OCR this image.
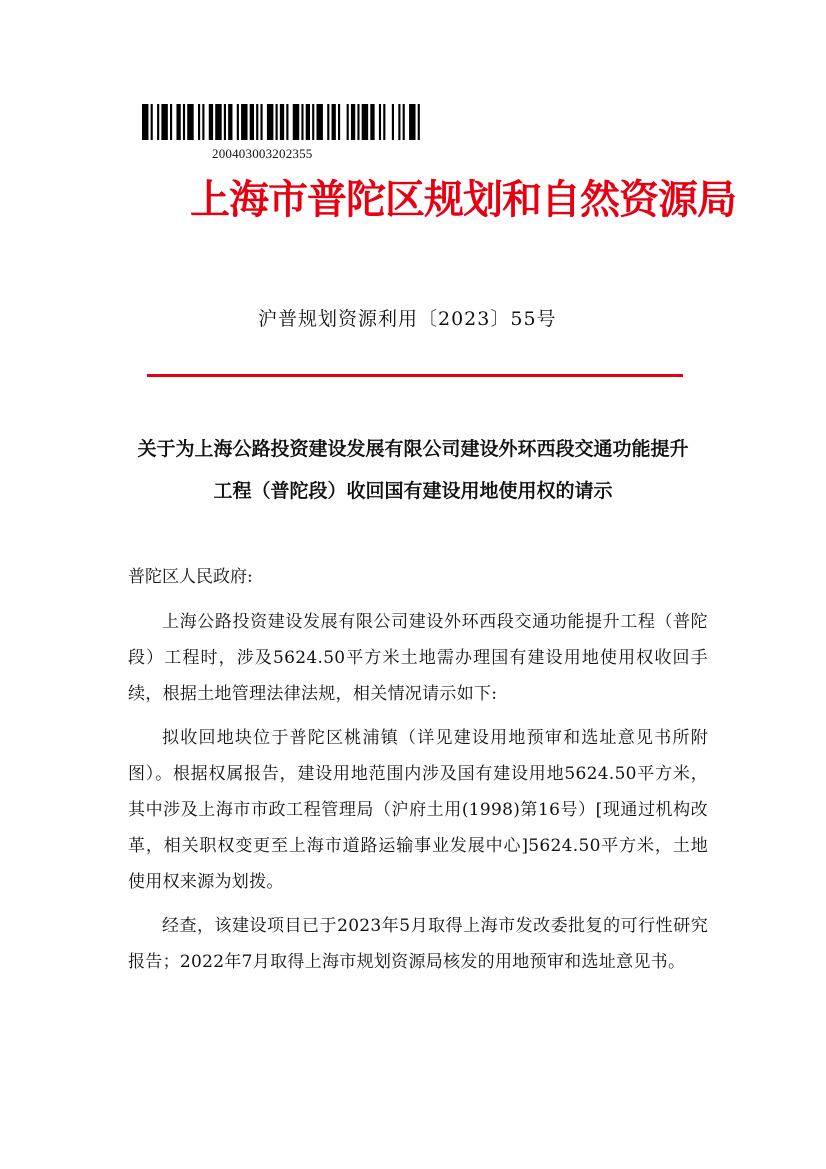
200403003202355
上海市普陀区规划和自然资源局
沪普规划资源利用〔2023〕55号
关于为上海公路投资建设发展有限公司建设外环西段交通功能提升
工程（普陀段）收回国有建设用地使用权的请示
普陀区人民政府:

上海公路投资建设发展有限公司建设外环西段交通功能提升工程（普陀段）工程时，涉及5624.50平方米土地需办理国有建设用地使用权收回手续，根据土地管理法律法规，相关情况请示如下:

拟收回地块位于普陀区桃浦镇（详见建设用地预审和选址意见书所附图）。根据权属报告，建设用地范围内涉及国有建设用地5624.50平方米，其中涉及上海市市政工程管理局（沪府土用(1998)第16号）[现通过机构改革，相关职权变更至上海市道路运输事业发展中心]5624.50平方米，土地使用权来源为划拨。

经查，该建设项目已于2023年5月取得上海市发改委批复的可行性研究报告；2022年7月取得上海市规划资源局核发的用地预审和选址意见书。
